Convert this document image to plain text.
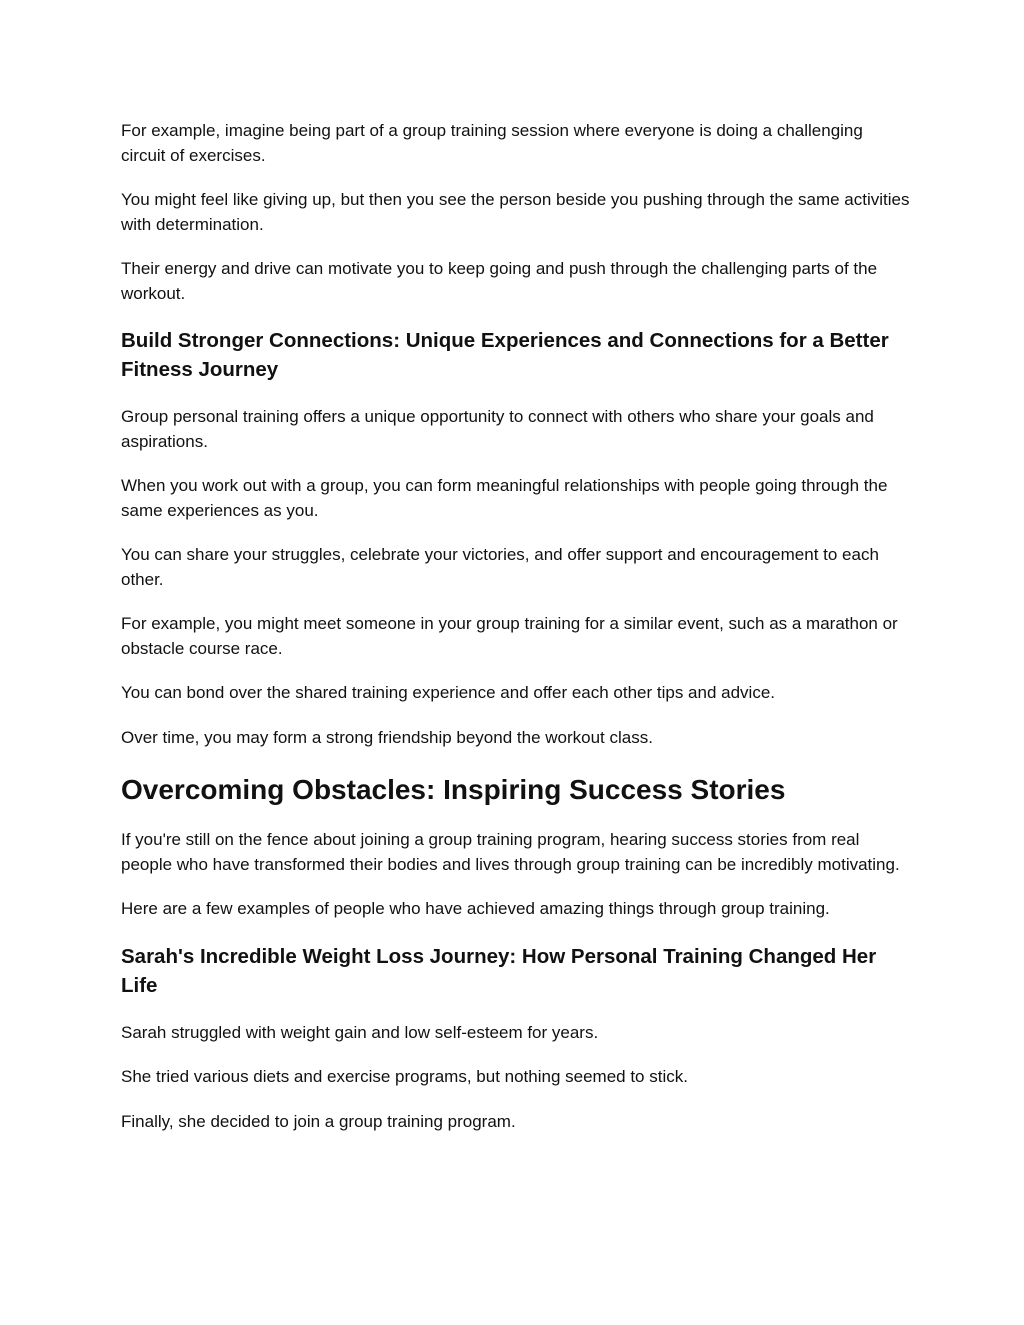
For example, imagine being part of a group training session where everyone is doing a challenging circuit of exercises.

You might feel like giving up, but then you see the person beside you pushing through the same activities with determination.

Their energy and drive can motivate you to keep going and push through the challenging parts of the workout.

Build Stronger Connections: Unique Experiences and Connections for a Better Fitness Journey

Group personal training offers a unique opportunity to connect with others who share your goals and aspirations.

When you work out with a group, you can form meaningful relationships with people going through the same experiences as you.

You can share your struggles, celebrate your victories, and offer support and encouragement to each other.

For example, you might meet someone in your group training for a similar event, such as a marathon or obstacle course race.

You can bond over the shared training experience and offer each other tips and advice.

Over time, you may form a strong friendship beyond the workout class.

Overcoming Obstacles: Inspiring Success Stories

If you're still on the fence about joining a group training program, hearing success stories from real people who have transformed their bodies and lives through group training can be incredibly motivating.

Here are a few examples of people who have achieved amazing things through group training.

Sarah's Incredible Weight Loss Journey: How Personal Training Changed Her Life

Sarah struggled with weight gain and low self-esteem for years.

She tried various diets and exercise programs, but nothing seemed to stick.

Finally, she decided to join a group training program.
